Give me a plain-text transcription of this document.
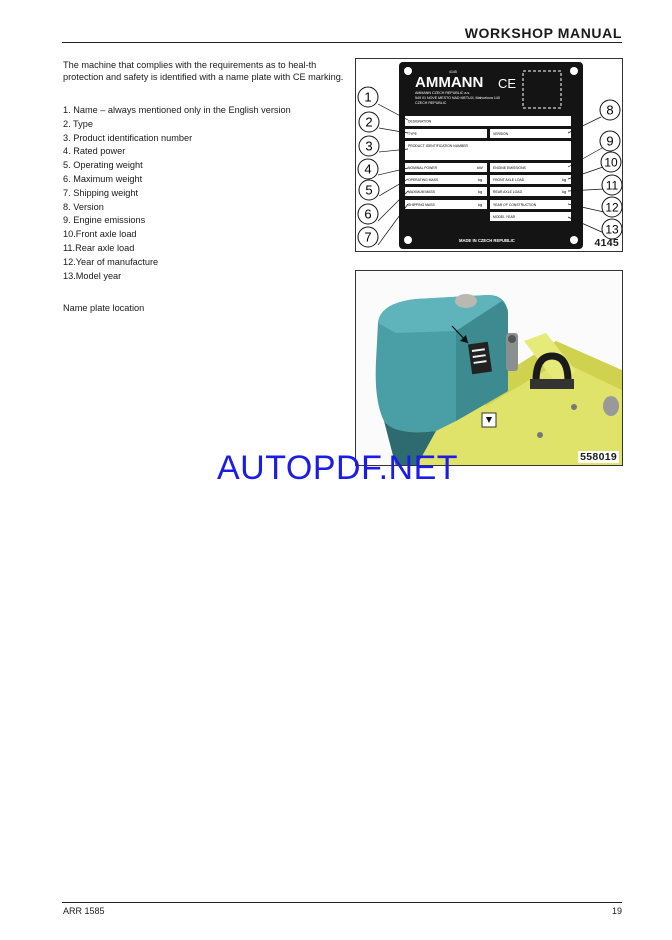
WORKSHOP MANUAL
The machine that complies with the requirements as to heal-th protection and safety is identified with a name plate with CE marking.
1. Name – always mentioned only in the English version
2. Type
3. Product identification number
4. Rated power
5. Operating weight
6. Maximum weight
7. Shipping weight
8. Version
9. Engine emissions
10.Front axle load
11.Rear axle load
12.Year of manufacture
13.Model year
Name plate location
AMMANN CE
4145
AMMANN CZECH REPUBLIC a.s.
549 01 NOVE MESTO NAD METUJI, Mahcelova 140
CZECH REPUBLIC
DESIGNATION
TYPE	VERSION
PRODUCT IDENTIFICATION NUMBER
NOMINAL POWER	kW	ENGINE EMISSIONS
OPERATING MASS	kg	FRONT AXLE LOAD	kg
MAXIMUM MASS	kg	REAR AXLE LOAD	kg
SHIPPING MASS	kg	YEAR OF CONSTRUCTION
MODEL YEAR
MADE IN CZECH REPUBLIC
1
2
3
4
5
6
7
8
9
10
11
12
13
4145
558019
AUTOPDF.NET
ARR 1585	19
